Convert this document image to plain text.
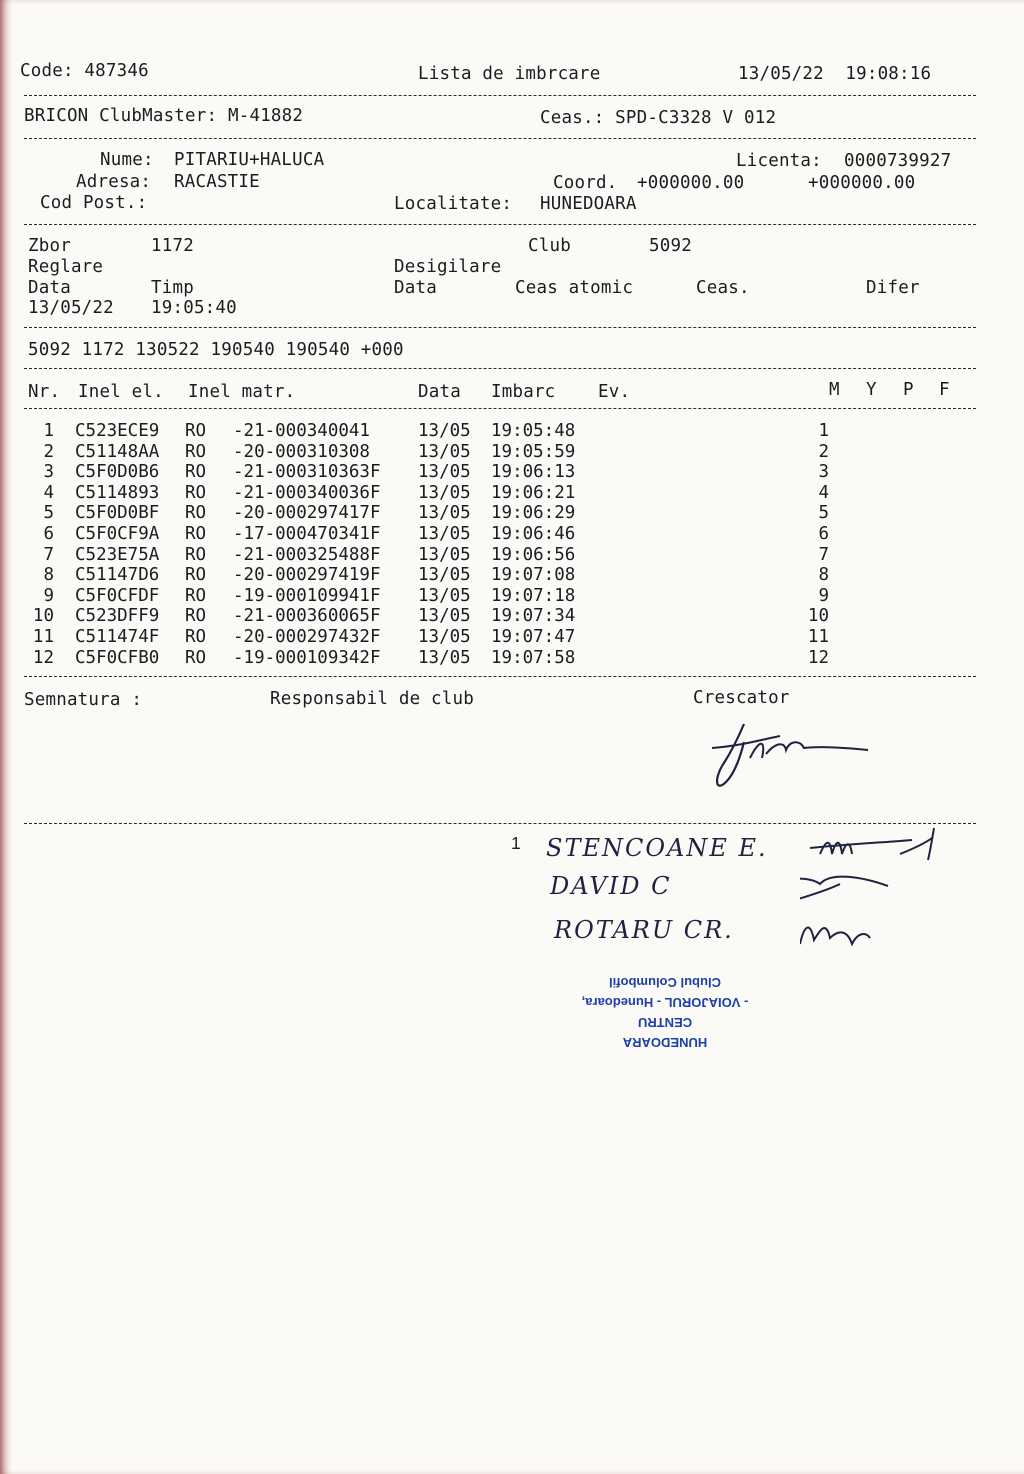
Code: 487346	Lista de imbrcare	13/05/22  19:08:16
BRICON ClubMaster: M-41882	Ceas.: SPD-C3328 V 012
Nume: PITARIU+HALUCA	Licenta: 0000739927
Adresa: RACASTIE	Coord. +000000.00	+000000.00
Cod Post.:	Localitate: HUNEDOARA
Zbor	1172	Club	5092
Reglare	Desigilare
Data	Timp	Data	Ceas atomic	Ceas.	Difer
13/05/22 19:05:40
5092 1172 130522 190540 190540 +000
Nr. Inel el. Inel matr.	Data Imbarc Ev.	M Y P F
1 C523ECE9 RO -21-000340041 13/05 19:05:48	1
2 C51148AA RO -20-000310308 13/05 19:05:59	2
3 C5F0D0B6 RO -21-000310363F 13/05 19:06:13	3
4 C5114893 RO -21-000340036F 13/05 19:06:21	4
5 C5F0D0BF RO -20-000297417F 13/05 19:06:29	5
6 C5F0CF9A RO -17-000470341F 13/05 19:06:46	6
7 C523E75A RO -21-000325488F 13/05 19:06:56	7
8 C51147D6 RO -20-000297419F 13/05 19:07:08	8
9 C5F0CFDF RO -19-000109941F 13/05 19:07:18	9
10 C523DFF9 RO -21-000360065F 13/05 19:07:34	10
11 C511474F RO -20-000297432F 13/05 19:07:47	11
12 C5F0CFB0 RO -19-000109342F 13/05 19:07:58	12
Semnatura :	Responsabil de club	Crescator
1 STENCOANE E.
DAVID C
ROTARU CR.
HUNEDOARA
CENTRU
- VOIAJORUL - Hunedoara,
Clubul Columbofil
